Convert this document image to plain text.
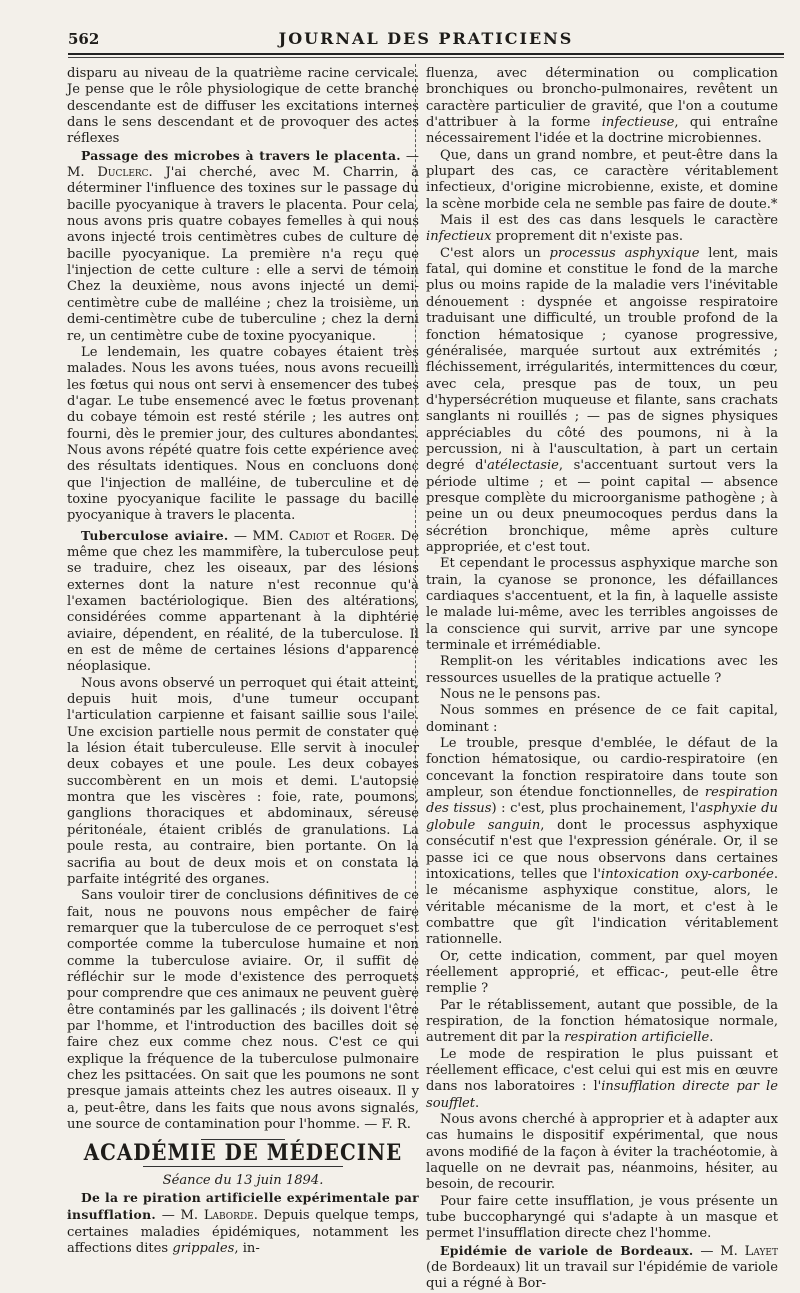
562	JOURNAL DES PRATICIENS

disparu au niveau de la quatrième racine cervicale. Je pense que le rôle physiologique de cette branche descendante est de diffuser les excitations internes dans le sens descendant et de provoquer des actes réflexes

Passage des microbes à travers le placenta. — M. Duclerc. J'ai cherché, avec M. Charrin, à déterminer l'influence des toxines sur le passage du bacille pyocyanique à travers le placenta. Pour cela, nous avons pris quatre cobayes femelles à qui nous avons injecté trois centimètres cubes de culture de bacille pyocyanique. La première n'a reçu que l'injection de cette culture : elle a servi de témoin Chez la deuxième, nous avons injecté un demi-centimètre cube de malléine ; chez la troisième, un demi-centimètre cube de tuberculine ; chez la derni re, un centimètre cube de toxine pyocyanique.

Le lendemain, les quatre cobayes étaient très malades. Nous les avons tuées, nous avons recueilli les fœtus qui nous ont servi à ensemencer des tubes d'agar. Le tube ensemencé avec le fœtus provenant du cobaye témoin est resté stérile ; les autres ont fourni, dès le premier jour, des cultures abondantes. Nous avons répété quatre fois cette expérience avec des résultats identiques. Nous en concluons donc que l'injection de malléine, de tuberculine et de toxine pyocyanique facilite le passage du bacille pyocyanique à travers le placenta.

Tuberculose aviaire. — MM. Cadiot et Roger. De même que chez les mammifère, la tuberculose peut se traduire, chez les oiseaux, par des lésions externes dont la nature n'est reconnue qu'à l'examen bactériologique. Bien des altérations, considérées comme appartenant à la diphtérie aviaire, dépendent, en réalité, de la tuberculose. Il en est de même de certaines lésions d'apparence néoplasique.

Nous avons observé un perroquet qui était atteint, depuis huit mois, d'une tumeur occupant l'articulation carpienne et faisant saillie sous l'aile. Une excision partielle nous permit de constater que la lésion était tuberculeuse. Elle servit à inoculer deux cobayes et une poule. Les deux cobayes succombèrent en un mois et demi. L'autopsie montra que les viscères : foie, rate, poumons, ganglions thoraciques et abdominaux, séreuse péritonéale, étaient criblés de granulations. La poule resta, au contraire, bien portante. On la sacrifia au bout de deux mois et on constata la parfaite intégrité des organes.

Sans vouloir tirer de conclusions définitives de ce fait, nous ne pouvons nous empêcher de faire remarquer que la tuberculose de ce perroquet s'est comportée comme la tuberculose humaine et non comme la tuberculose aviaire. Or, il suffit de réfléchir sur le mode d'existence des perroquets pour comprendre que ces animaux ne peuvent guère être contaminés par les gallinacés ; ils doivent l'être par l'homme, et l'introduction des bacilles doit se faire chez eux comme chez nous. C'est ce qui explique la fréquence de la tuberculose pulmonaire chez les psittacées. On sait que les poumons ne sont presque jamais atteints chez les autres oiseaux. Il y a, peut-être, dans les faits que nous avons signalés, une source de contamination pour l'homme. — F. R.

ACADÉMIE DE MÉDECINE

Séance du 13 juin 1894.

De la re piration artificielle expérimentale par insufflation. — M. Laborde. Depuis quelque temps, certaines maladies épidémiques, notamment les affections dites grippales, in-

fluenza, avec détermination ou complication bronchiques ou broncho-pulmonaires, revêtent un caractère particulier de gravité, que l'on a coutume d'attribuer à la forme infectieuse, qui entraîne nécessairement l'idée et la doctrine microbiennes.

Que, dans un grand nombre, et peut-être dans la plupart des cas, ce caractère véritablement infectieux, d'origine microbienne, existe, et domine la scène morbide cela ne semble pas faire de doute.*

Mais il est des cas dans lesquels le caractère infectieux proprement dit n'existe pas.

C'est alors un processus asphyxique lent, mais fatal, qui domine et constitue le fond de la marche plus ou moins rapide de la maladie vers l'inévitable dénouement : dyspnée et angoisse respiratoire traduisant une difficulté, un trouble profond de la fonction hématosique ; cyanose progressive, généralisée, marquée surtout aux extrémités ; fléchissement, irrégularités, intermittences du cœur, avec cela, presque pas de toux, un peu d'hypersécrétion muqueuse et filante, sans crachats sanglants ni rouillés ; — pas de signes physiques appréciables du côté des poumons, ni à la percussion, ni à l'auscultation, à part un certain degré d'atélectasie, s'accentuant surtout vers la période ultime ; et — point capital — absence presque complète du microorganisme pathogène ; à peine un ou deux pneumocoques perdus dans la sécrétion bronchique, même après culture appropriée, et c'est tout.

Et cependant le processus asphyxique marche son train, la cyanose se prononce, les défaillances cardiaques s'accentuent, et la fin, à laquelle assiste le malade lui-même, avec les terribles angoisses de la conscience qui survit, arrive par une syncope terminale et irrémédiable.

Remplit-on les véritables indications avec les ressources usuelles de la pratique actuelle ?

Nous ne le pensons pas.

Nous sommes en présence de ce fait capital, dominant :

Le trouble, presque d'emblée, le défaut de la fonction hématosique, ou cardio-respiratoire (en concevant la fonction respiratoire dans toute son ampleur, son étendue fonctionnelles, de respiration des tissus) : c'est, plus prochainement, l'asphyxie du globule sanguin, dont le processus asphyxique consécutif n'est que l'expression générale. Or, il se passe ici ce que nous observons dans certaines intoxications, telles que l'intoxication oxy-carbonée. le mécanisme asphyxique constitue, alors, le véritable mécanisme de la mort, et c'est à le combattre que gît l'indication véritablement rationnelle.

Or, cette indication, comment, par quel moyen réellement approprié, et efficac-, peut-elle être remplie ?

Par le rétablissement, autant que possible, de la respiration, de la fonction hématosique normale, autrement dit par la respiration artificielle.

Le mode de respiration le plus puissant et réellement efficace, c'est celui qui est mis en œuvre dans nos laboratoires : l'insufflation directe par le soufflet.

Nous avons cherché à approprier et à adapter aux cas humains le dispositif expérimental, que nous avons modifié de la façon à éviter la trachéotomie, à laquelle on ne devrait pas, néanmoins, hésiter, au besoin, de recourir.

Pour faire cette insufflation, je vous présente un tube buccopharyngé qui s'adapte à un masque et permet l'insufflation directe chez l'homme.

Epidémie de variole de Bordeaux. — M. Layet (de Bordeaux) lit un travail sur l'épidémie de variole qui a régné à Bor-
